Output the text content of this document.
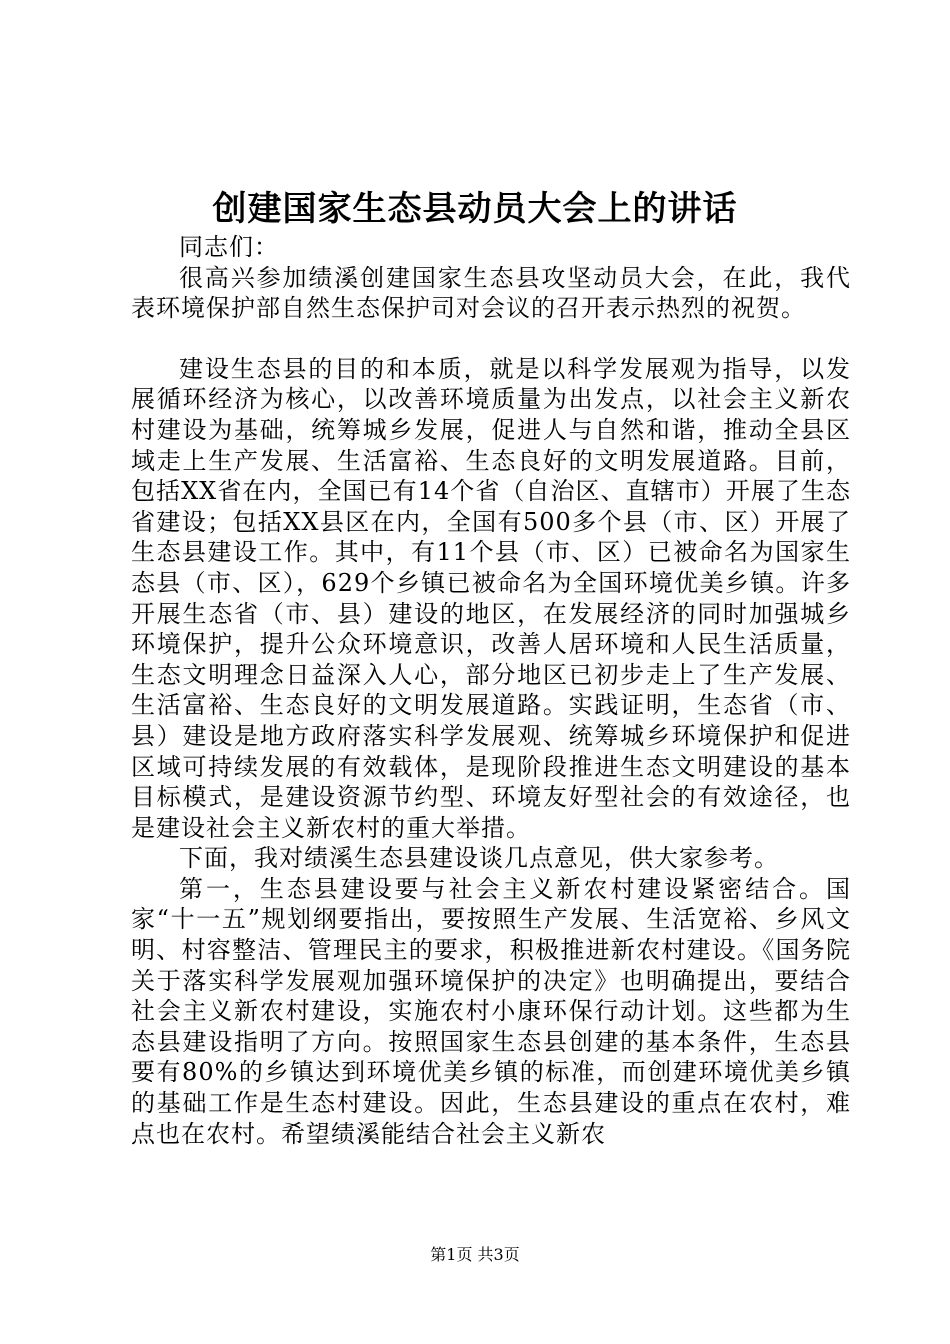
创建国家生态县动员大会上的讲话

同志们：

很高兴参加绩溪创建国家生态县攻坚动员大会，在此，我代表环境保护部自然生态保护司对会议的召开表示热烈的祝贺。

建设生态县的目的和本质，就是以科学发展观为指导，以发展循环经济为核心，以改善环境质量为出发点，以社会主义新农村建设为基础，统筹城乡发展，促进人与自然和谐，推动全县区域走上生产发展、生活富裕、生态良好的文明发展道路。目前，包括XX省在内，全国已有14个省（自治区、直辖市）开展了生态省建设；包括XX县区在内，全国有500多个县（市、区）开展了生态县建设工作。其中，有11个县（市、区）已被命名为国家生态县（市、区），629个乡镇已被命名为全国环境优美乡镇。许多开展生态省（市、县）建设的地区，在发展经济的同时加强城乡环境保护，提升公众环境意识，改善人居环境和人民生活质量，生态文明理念日益深入人心，部分地区已初步走上了生产发展、生活富裕、生态良好的文明发展道路。实践证明，生态省（市、县）建设是地方政府落实科学发展观、统筹城乡环境保护和促进区域可持续发展的有效载体，是现阶段推进生态文明建设的基本目标模式，是建设资源节约型、环境友好型社会的有效途径，也是建设社会主义新农村的重大举措。

下面，我对绩溪生态县建设谈几点意见，供大家参考。

第一，生态县建设要与社会主义新农村建设紧密结合。国家“十一五”规划纲要指出，要按照生产发展、生活宽裕、乡风文明、村容整洁、管理民主的要求，积极推进新农村建设。《国务院关于落实科学发展观加强环境保护的决定》也明确提出，要结合社会主义新农村建设，实施农村小康环保行动计划。这些都为生态县建设指明了方向。按照国家生态县创建的基本条件，生态县要有80%的乡镇达到环境优美乡镇的标准，而创建环境优美乡镇的基础工作是生态村建设。因此，生态县建设的重点在农村，难点也在农村。希望绩溪能结合社会主义新农

第1页 共3页
